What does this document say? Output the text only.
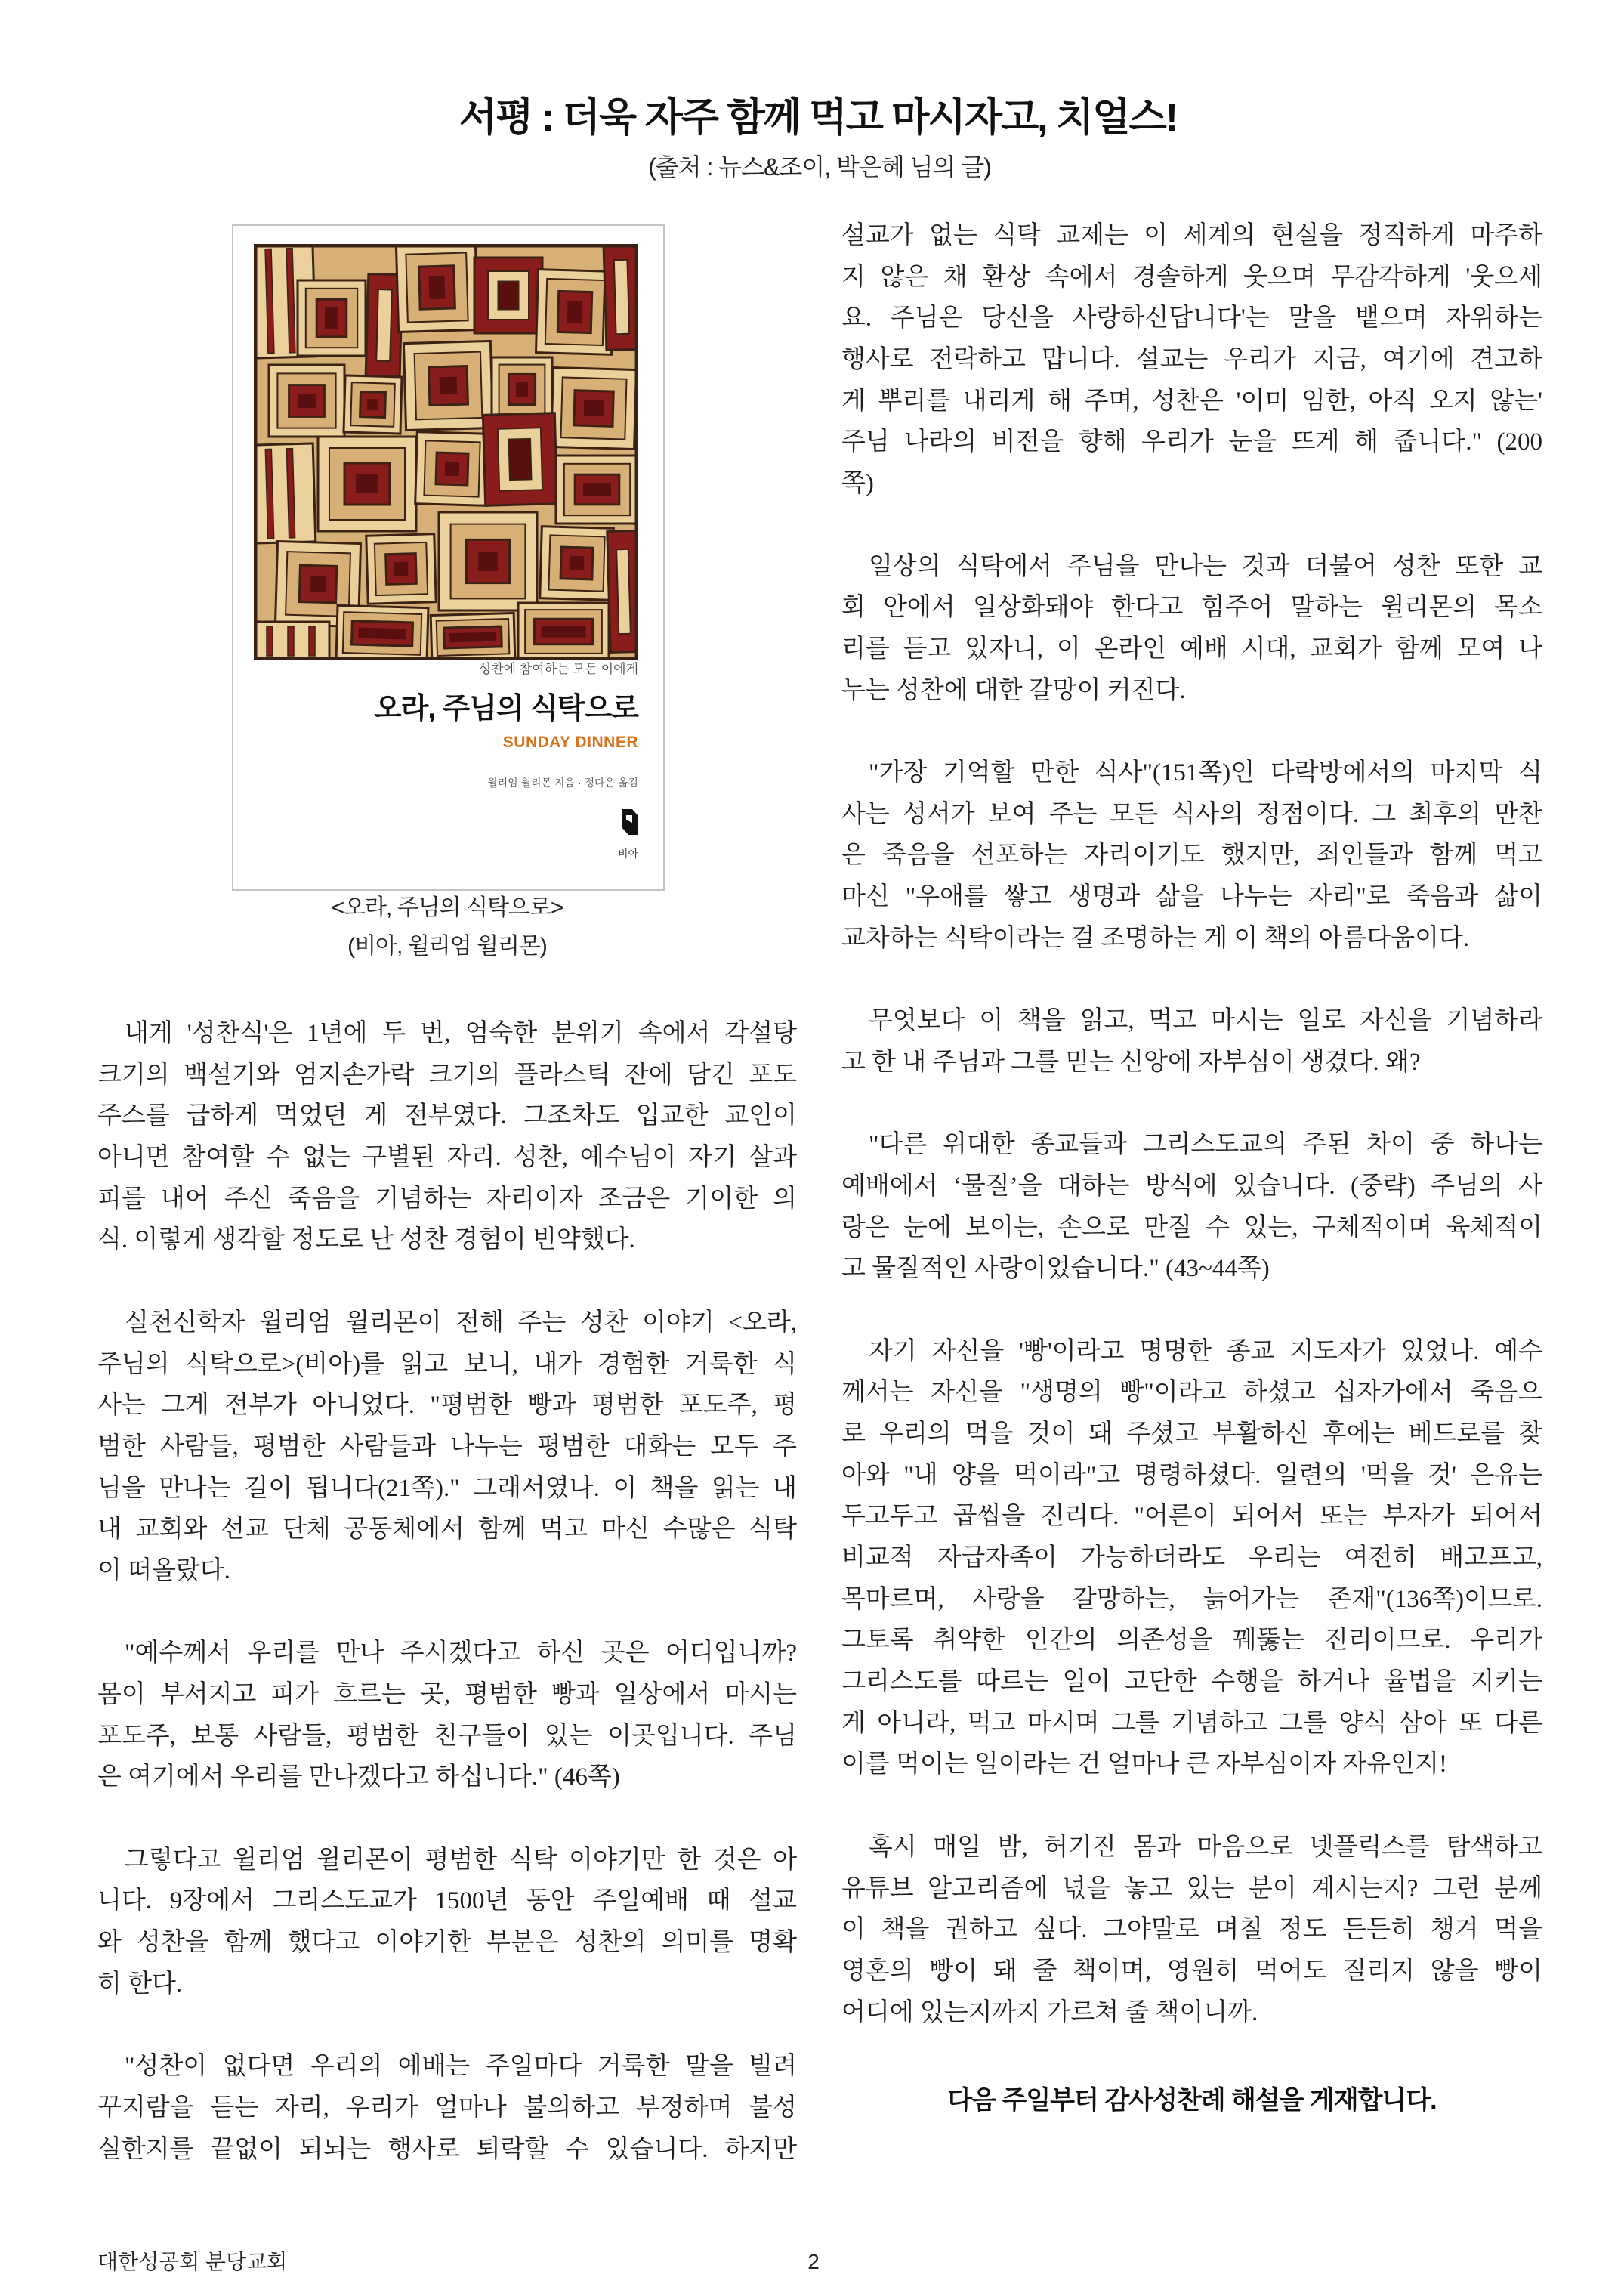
서평 : 더욱 자주 함께 먹고 마시자고, 치얼스!
(출처 : 뉴스&조이, 박은혜 님의 글)
성찬에 참여하는 모든 이에게
오라, 주님의 식탁으로
SUNDAY DINNER
윌리엄 윌리몬 지음 · 정다운 옮김
비아
<오라, 주님의 식탁으로>
(비아, 윌리엄 윌리몬)
내게 '성찬식'은 1년에 두 번, 엄숙한 분위기 속에서 각설탕
크기의 백설기와 엄지손가락 크기의 플라스틱 잔에 담긴 포도
주스를 급하게 먹었던 게 전부였다. 그조차도 입교한 교인이
아니면 참여할 수 없는 구별된 자리. 성찬, 예수님이 자기 살과
피를 내어 주신 죽음을 기념하는 자리이자 조금은 기이한 의
식. 이렇게 생각할 정도로 난 성찬 경험이 빈약했다.
실천신학자 윌리엄 윌리몬이 전해 주는 성찬 이야기 <오라,
주님의 식탁으로>(비아)를 읽고 보니, 내가 경험한 거룩한 식
사는 그게 전부가 아니었다. "평범한 빵과 평범한 포도주, 평
범한 사람들, 평범한 사람들과 나누는 평범한 대화는 모두 주
님을 만나는 길이 됩니다(21쪽)." 그래서였나. 이 책을 읽는 내
내 교회와 선교 단체 공동체에서 함께 먹고 마신 수많은 식탁
이 떠올랐다.
"예수께서 우리를 만나 주시겠다고 하신 곳은 어디입니까?
몸이 부서지고 피가 흐르는 곳, 평범한 빵과 일상에서 마시는
포도주, 보통 사람들, 평범한 친구들이 있는 이곳입니다. 주님
은 여기에서 우리를 만나겠다고 하십니다." (46쪽)
그렇다고 윌리엄 윌리몬이 평범한 식탁 이야기만 한 것은 아
니다. 9장에서 그리스도교가 1500년 동안 주일예배 때 설교
와 성찬을 함께 했다고 이야기한 부분은 성찬의 의미를 명확
히 한다.
"성찬이 없다면 우리의 예배는 주일마다 거룩한 말을 빌려
꾸지람을 듣는 자리, 우리가 얼마나 불의하고 부정하며 불성
실한지를 끝없이 되뇌는 행사로 퇴락할 수 있습니다. 하지만
설교가 없는 식탁 교제는 이 세계의 현실을 정직하게 마주하
지 않은 채 환상 속에서 경솔하게 웃으며 무감각하게 '웃으세
요. 주님은 당신을 사랑하신답니다'는 말을 뱉으며 자위하는
행사로 전락하고 맙니다. 설교는 우리가 지금, 여기에 견고하
게 뿌리를 내리게 해 주며, 성찬은 '이미 임한, 아직 오지 않는'
주님 나라의 비전을 향해 우리가 눈을 뜨게 해 줍니다." (200
쪽)
일상의 식탁에서 주님을 만나는 것과 더불어 성찬 또한 교
회 안에서 일상화돼야 한다고 힘주어 말하는 윌리몬의 목소
리를 듣고 있자니, 이 온라인 예배 시대, 교회가 함께 모여 나
누는 성찬에 대한 갈망이 커진다.
"가장 기억할 만한 식사"(151쪽)인 다락방에서의 마지막 식
사는 성서가 보여 주는 모든 식사의 정점이다. 그 최후의 만찬
은 죽음을 선포하는 자리이기도 했지만, 죄인들과 함께 먹고
마신 "우애를 쌓고 생명과 삶을 나누는 자리"로 죽음과 삶이
교차하는 식탁이라는 걸 조명하는 게 이 책의 아름다움이다.
무엇보다 이 책을 읽고, 먹고 마시는 일로 자신을 기념하라
고 한 내 주님과 그를 믿는 신앙에 자부심이 생겼다. 왜?
"다른 위대한 종교들과 그리스도교의 주된 차이 중 하나는
예배에서 ‘물질’을 대하는 방식에 있습니다. (중략) 주님의 사
랑은 눈에 보이는, 손으로 만질 수 있는, 구체적이며 육체적이
고 물질적인 사랑이었습니다." (43~44쪽)
자기 자신을 '빵'이라고 명명한 종교 지도자가 있었나. 예수
께서는 자신을 "생명의 빵"이라고 하셨고 십자가에서 죽음으
로 우리의 먹을 것이 돼 주셨고 부활하신 후에는 베드로를 찾
아와 "내 양을 먹이라"고 명령하셨다. 일련의 '먹을 것' 은유는
두고두고 곱씹을 진리다. "어른이 되어서 또는 부자가 되어서
비교적 자급자족이 가능하더라도 우리는 여전히 배고프고,
목마르며, 사랑을 갈망하는, 늙어가는 존재"(136쪽)이므로.
그토록 취약한 인간의 의존성을 꿰뚫는 진리이므로. 우리가
그리스도를 따르는 일이 고단한 수행을 하거나 율법을 지키는
게 아니라, 먹고 마시며 그를 기념하고 그를 양식 삼아 또 다른
이를 먹이는 일이라는 건 얼마나 큰 자부심이자 자유인지!
혹시 매일 밤, 허기진 몸과 마음으로 넷플릭스를 탐색하고
유튜브 알고리즘에 넋을 놓고 있는 분이 계시는지? 그런 분께
이 책을 권하고 싶다. 그야말로 며칠 정도 든든히 챙겨 먹을
영혼의 빵이 돼 줄 책이며, 영원히 먹어도 질리지 않을 빵이
어디에 있는지까지 가르쳐 줄 책이니까.
다음 주일부터 감사성찬례 해설을 게재합니다.
대한성공회 분당교회	2
